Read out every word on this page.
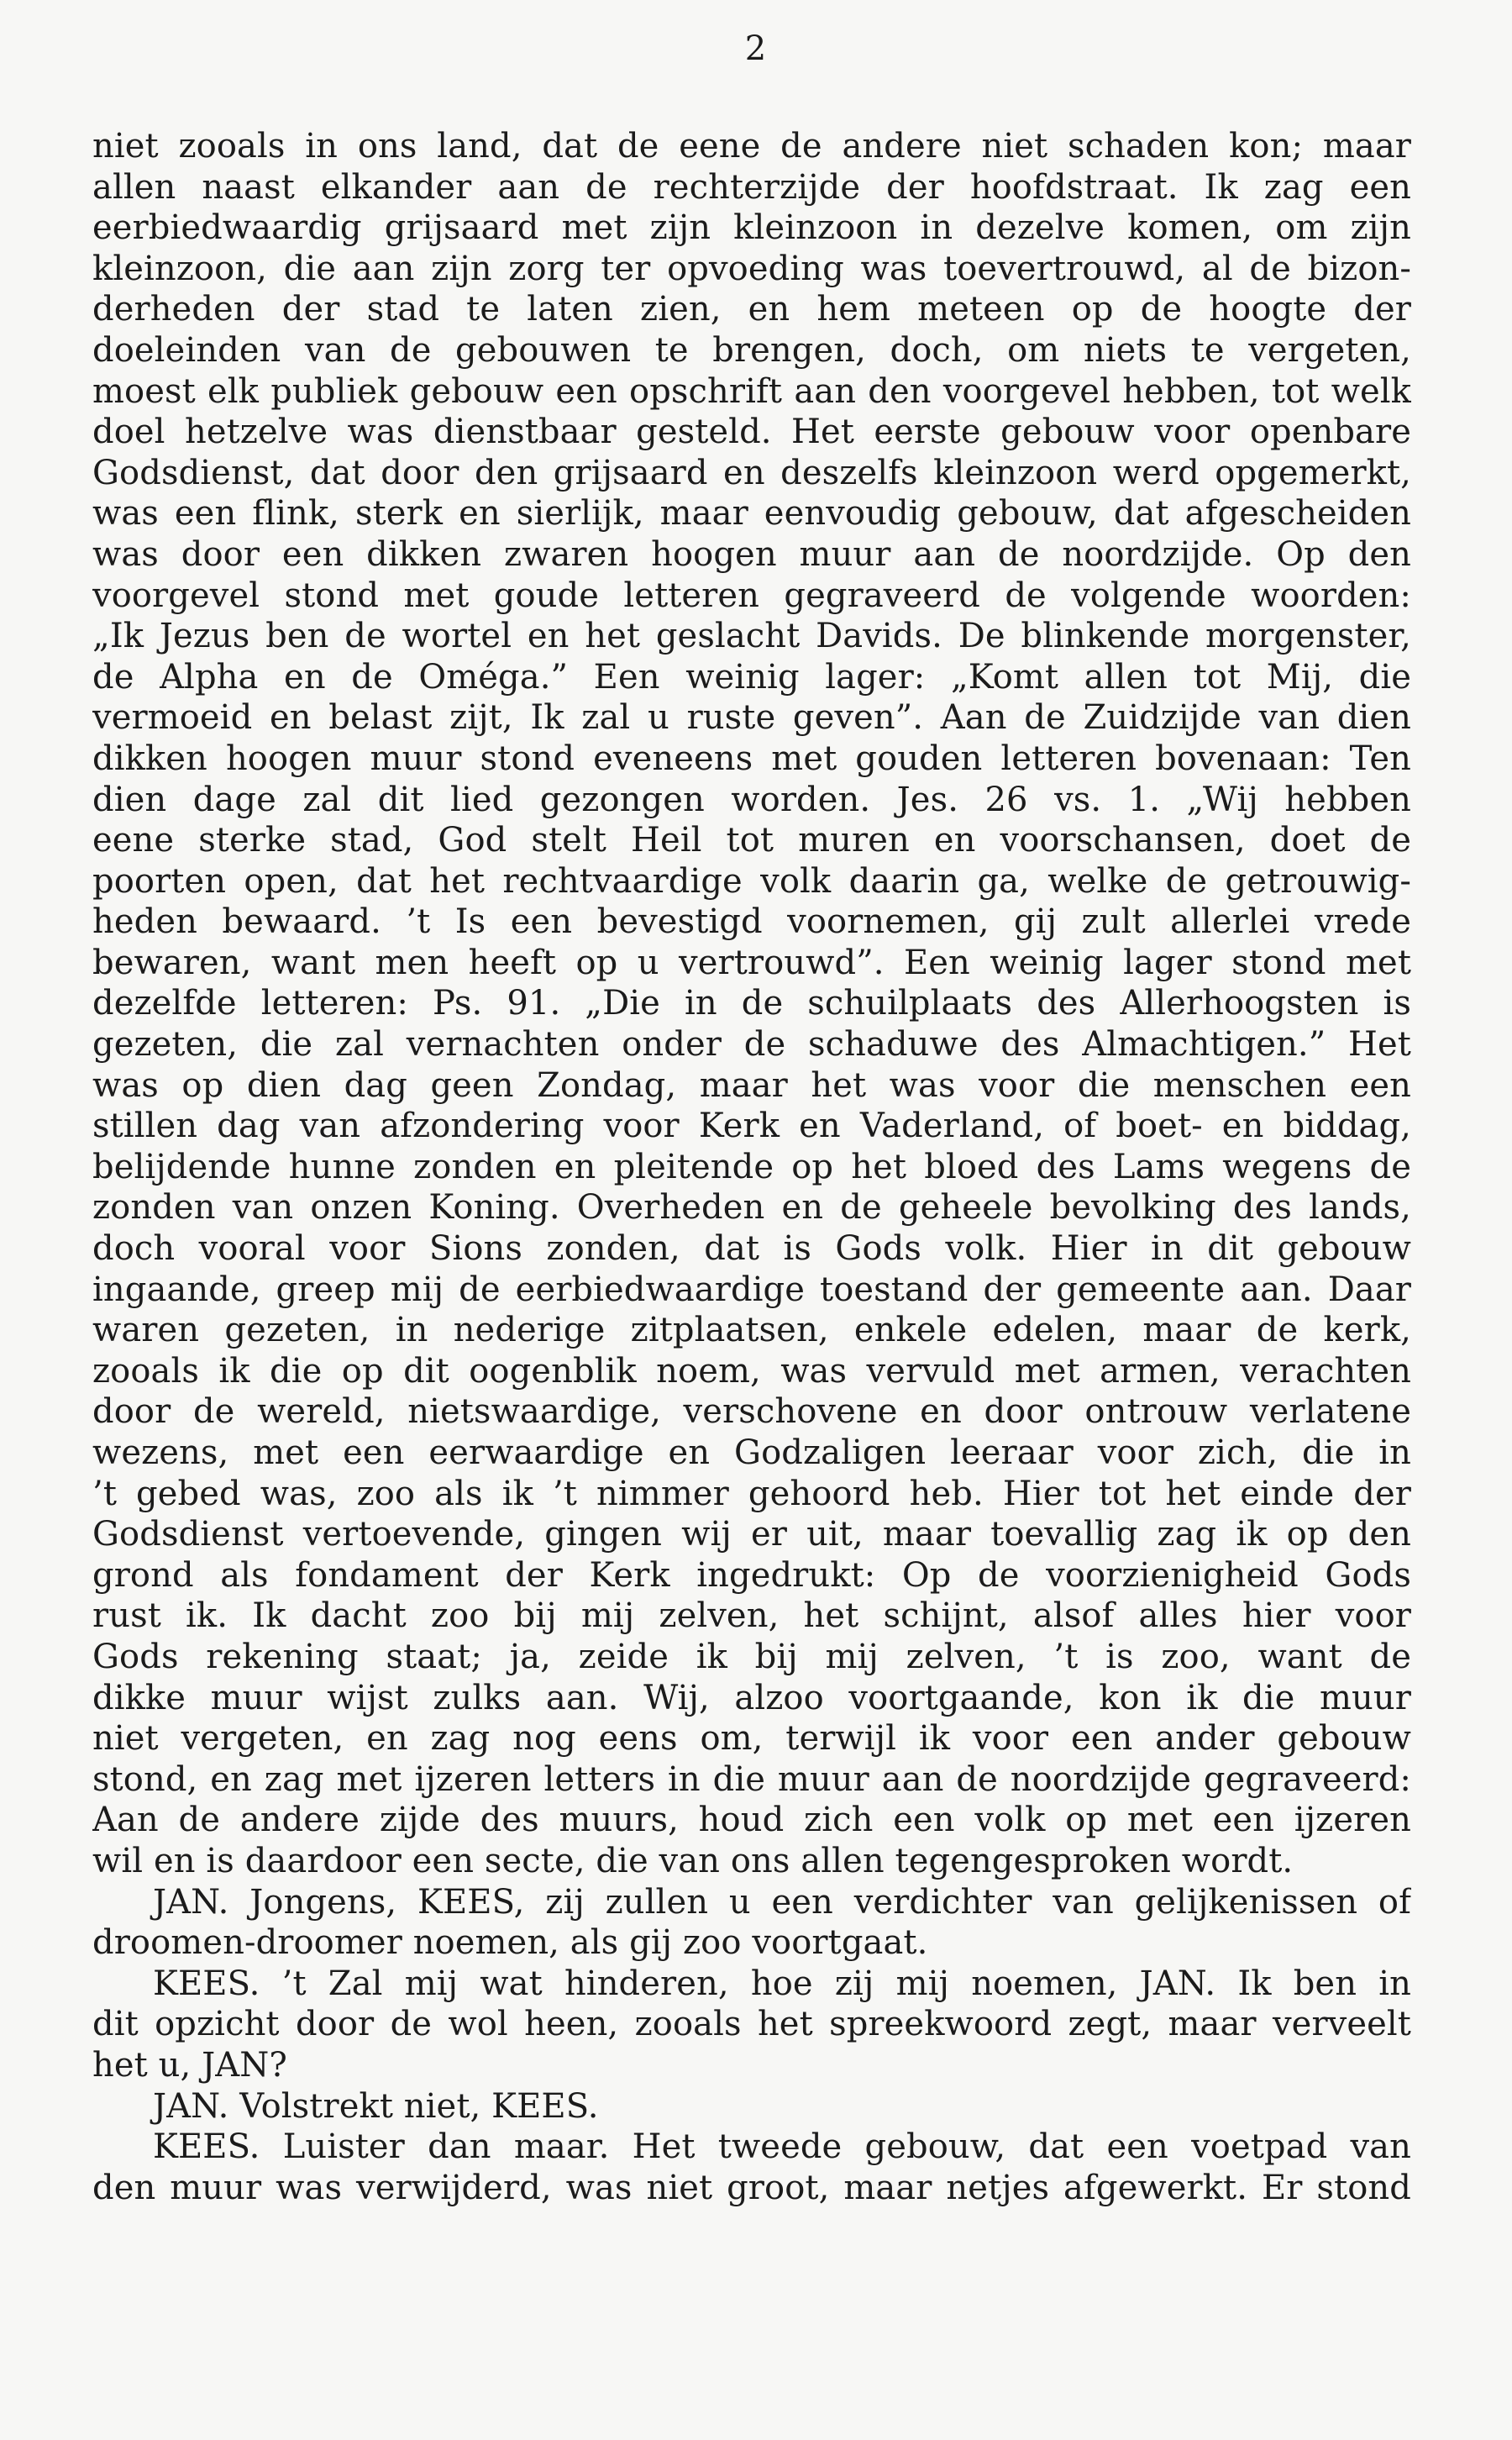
2
niet zooals in ons land, dat de eene de andere niet schaden kon; maar
allen naast elkander aan de rechterzijde der hoofdstraat. Ik zag een
eerbiedwaardig grijsaard met zijn kleinzoon in dezelve komen, om zijn
kleinzoon, die aan zijn zorg ter opvoeding was toevertrouwd, al de bizon-
derheden der stad te laten zien, en hem meteen op de hoogte der
doeleinden van de gebouwen te brengen, doch, om niets te vergeten,
moest elk publiek gebouw een opschrift aan den voorgevel hebben, tot welk
doel hetzelve was dienstbaar gesteld. Het eerste gebouw voor openbare
Godsdienst, dat door den grijsaard en deszelfs kleinzoon werd opgemerkt,
was een flink, sterk en sierlijk, maar eenvoudig gebouw, dat afgescheiden
was door een dikken zwaren hoogen muur aan de noordzijde. Op den
voorgevel stond met goude letteren gegraveerd de volgende woorden:
„Ik Jezus ben de wortel en het geslacht Davids. De blinkende morgenster,
de Alpha en de Oméga.” Een weinig lager: „Komt allen tot Mij, die
vermoeid en belast zijt, Ik zal u ruste geven”. Aan de Zuidzijde van dien
dikken hoogen muur stond eveneens met gouden letteren bovenaan: Ten
dien dage zal dit lied gezongen worden. Jes. 26 vs. 1. „Wij hebben
eene sterke stad, God stelt Heil tot muren en voorschansen, doet de
poorten open, dat het rechtvaardige volk daarin ga, welke de getrouwig-
heden bewaard. ’t Is een bevestigd voornemen, gij zult allerlei vrede
bewaren, want men heeft op u vertrouwd”. Een weinig lager stond met
dezelfde letteren: Ps. 91. „Die in de schuilplaats des Allerhoogsten is
gezeten, die zal vernachten onder de schaduwe des Almachtigen.” Het
was op dien dag geen Zondag, maar het was voor die menschen een
stillen dag van afzondering voor Kerk en Vaderland, of boet- en biddag,
belijdende hunne zonden en pleitende op het bloed des Lams wegens de
zonden van onzen Koning. Overheden en de geheele bevolking des lands,
doch vooral voor Sions zonden, dat is Gods volk. Hier in dit gebouw
ingaande, greep mij de eerbiedwaardige toestand der gemeente aan. Daar
waren gezeten, in nederige zitplaatsen, enkele edelen, maar de kerk,
zooals ik die op dit oogenblik noem, was vervuld met armen, verachten
door de wereld, nietswaardige, verschovene en door ontrouw verlatene
wezens, met een eerwaardige en Godzaligen leeraar voor zich, die in
’t gebed was, zoo als ik ’t nimmer gehoord heb. Hier tot het einde der
Godsdienst vertoevende, gingen wij er uit, maar toevallig zag ik op den
grond als fondament der Kerk ingedrukt: Op de voorzienigheid Gods
rust ik. Ik dacht zoo bij mij zelven, het schijnt, alsof alles hier voor
Gods rekening staat; ja, zeide ik bij mij zelven, ’t is zoo, want de
dikke muur wijst zulks aan. Wij, alzoo voortgaande, kon ik die muur
niet vergeten, en zag nog eens om, terwijl ik voor een ander gebouw
stond, en zag met ijzeren letters in die muur aan de noordzijde gegraveerd:
Aan de andere zijde des muurs, houd zich een volk op met een ijzeren
wil en is daardoor een secte, die van ons allen tegengesproken wordt.
JAN. Jongens, KEES, zij zullen u een verdichter van gelijkenissen of
droomen-droomer noemen, als gij zoo voortgaat.
KEES. ’t Zal mij wat hinderen, hoe zij mij noemen, JAN. Ik ben in
dit opzicht door de wol heen, zooals het spreekwoord zegt, maar verveelt
het u, JAN?
JAN. Volstrekt niet, KEES.
KEES. Luister dan maar. Het tweede gebouw, dat een voetpad van
den muur was verwijderd, was niet groot, maar netjes afgewerkt. Er stond
